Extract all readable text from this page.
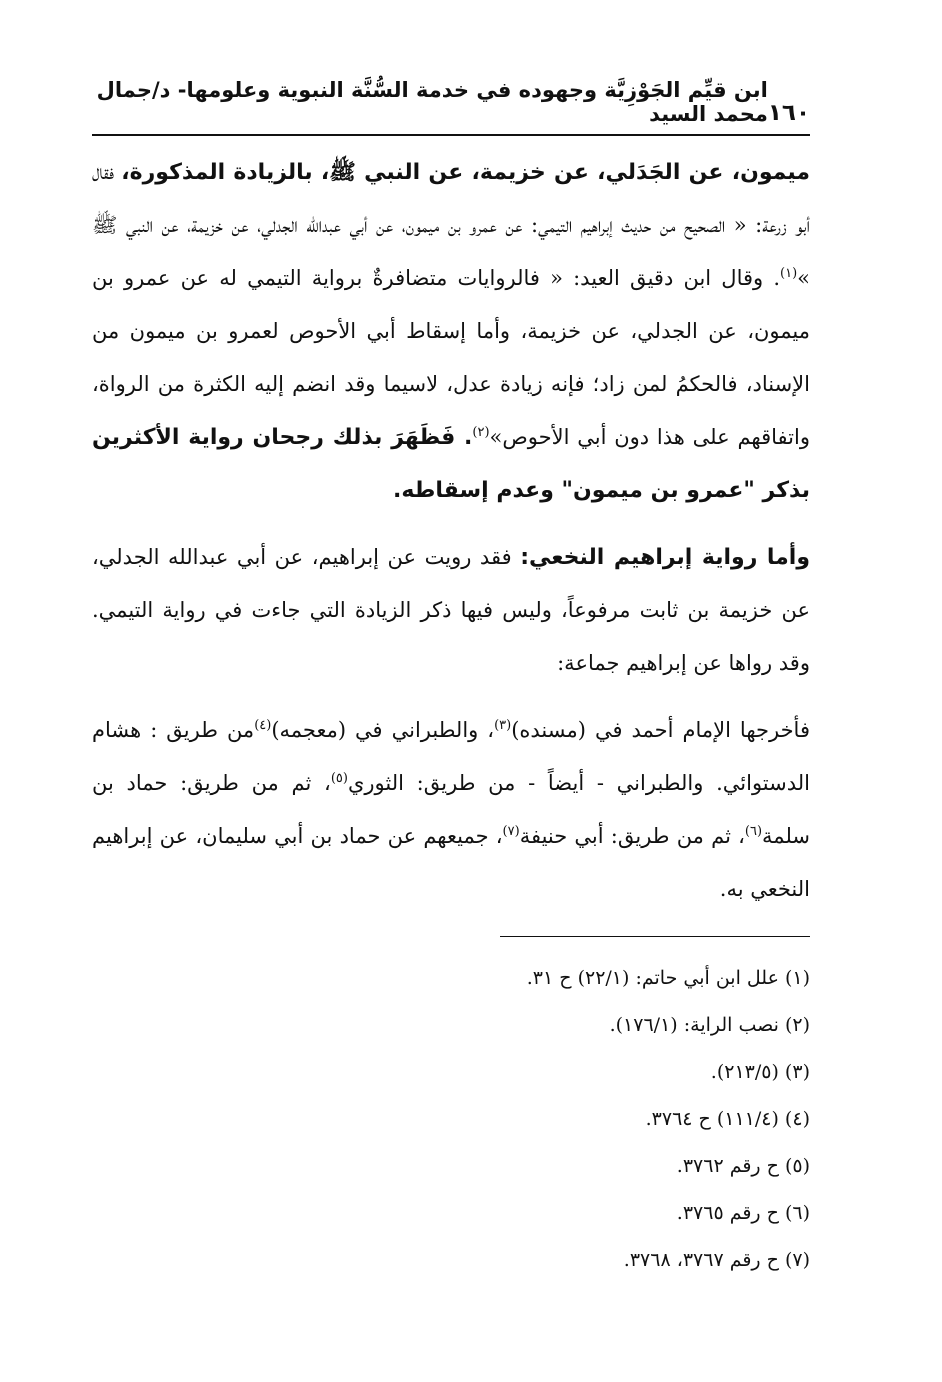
١٦٠
ابن قيِّم الجَوْزِيَّة وجهوده في خدمة السُّنَّة النبوية وعلومها- د/جمال محمد السيد

ميمون، عن الجَدَلي، عن خزيمة، عن النبي ﷺ، بالزيادة المذكورة، فقال أبو زرعة: « الصحيح من حديث إبراهيم التيمي: عن عمرو بن ميمون، عن أبي عبدالله الجدلي، عن خزيمة، عن النبي ﷺ »$^{(١)}$. وقال ابن دقيق العيد: « فالروايات متضافرةٌ برواية التيمي له عن عمرو بن ميمون، عن الجدلي، عن خزيمة، وأما إسقاط أبي الأحوص لعمرو بن ميمون من الإسناد، فالحكمُ لمن زاد؛ فإنه زيادة عدل، لاسيما وقد انضم إليه الكثرة من الرواة، واتفاقهم على هذا دون أبي الأحوص»$^{(٢)}$. فَظَهَرَ بذلك رجحان رواية الأكثرين بذكر "عمرو بن ميمون" وعدم إسقاطه.

وأما رواية إبراهيم النخعي: فقد رويت عن إبراهيم، عن أبي عبدالله الجدلي، عن خزيمة بن ثابت مرفوعاً، وليس فيها ذكر الزيادة التي جاءت في رواية التيمي. وقد رواها عن إبراهيم جماعة:

فأخرجها الإمام أحمد في (مسنده)$^{(٣)}$، والطبراني في (معجمه)$^{(٤)}$من طريق : هشام الدستوائي. والطبراني - أيضاً - من طريق: الثوري$^{(٥)}$، ثم من طريق: حماد بن سلمة$^{(٦)}$، ثم من طريق: أبي حنيفة$^{(٧)}$، جميعهم عن حماد بن أبي سليمان، عن إبراهيم النخعي به.

(١) علل ابن أبي حاتم: (٢٢/١) ح ٣١.
(٢) نصب الراية: (١٧٦/١).
(٣) (٢١٣/٥).
(٤) (١١١/٤) ح ٣٧٦٤.
(٥) ح رقم ٣٧٦٢.
(٦) ح رقم ٣٧٦٥.
(٧) ح رقم ٣٧٦٧، ٣٧٦٨.
